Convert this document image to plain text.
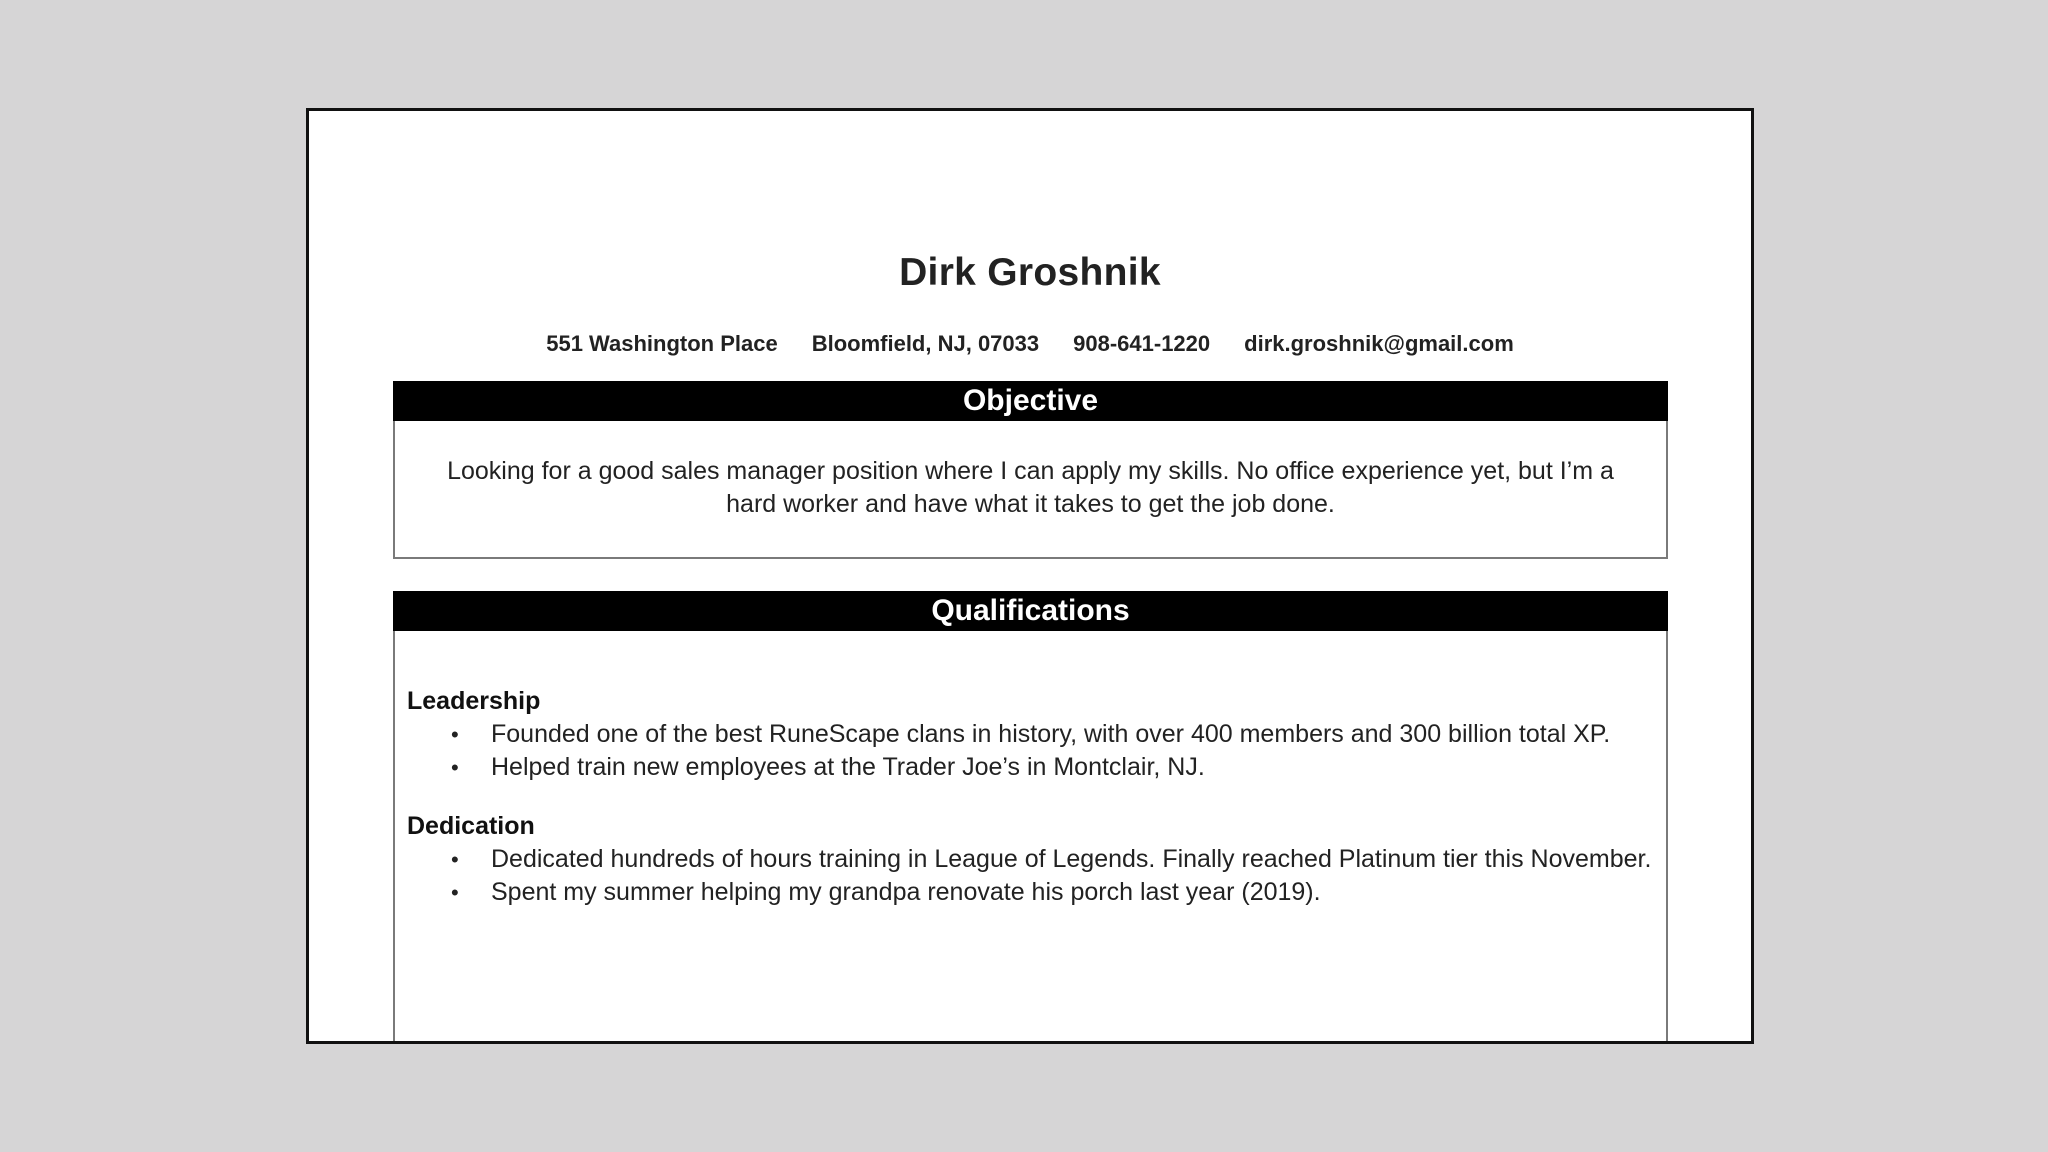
Dirk Groshnik
551 Washington Place Bloomfield, NJ, 07033 908-641-1220 dirk.groshnik@gmail.com
Objective
Looking for a good sales manager position where I can apply my skills. No office experience yet, but I’m a hard worker and have what it takes to get the job done.
Qualifications
Leadership
• Founded one of the best RuneScape clans in history, with over 400 members and 300 billion total XP.
• Helped train new employees at the Trader Joe’s in Montclair, NJ.
Dedication
• Dedicated hundreds of hours training in League of Legends. Finally reached Platinum tier this November.
• Spent my summer helping my grandpa renovate his porch last year (2019).
